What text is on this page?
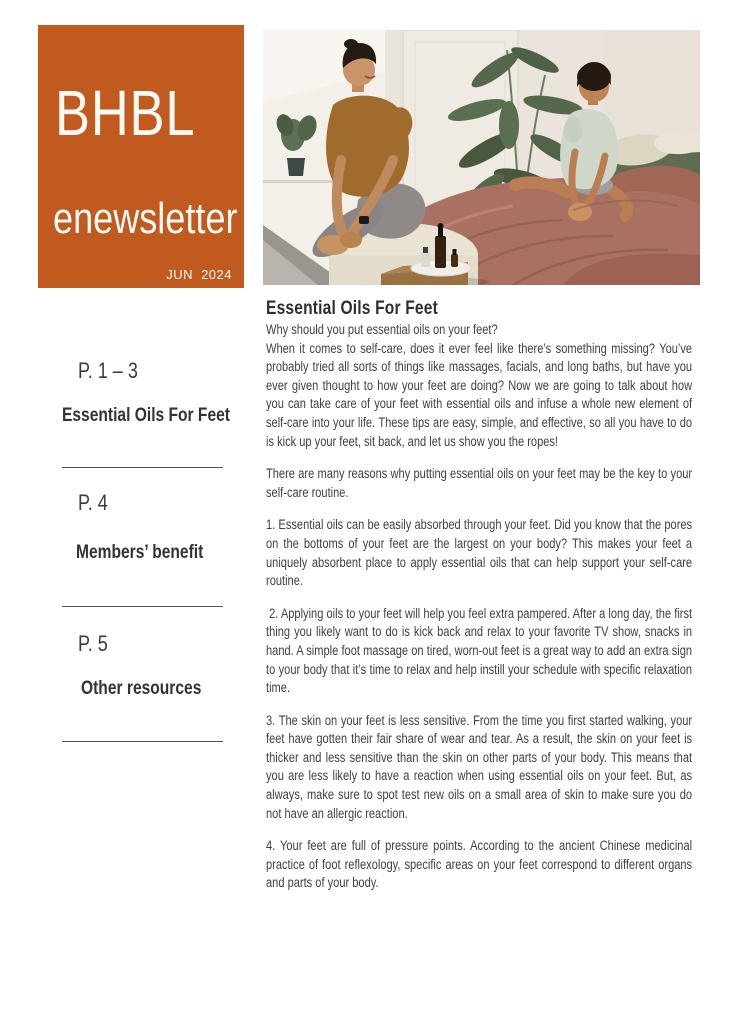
BHBL
enewsletter
JUN 2024
P. 1 – 3
Essential Oils For Feet
P. 4
Members’ benefit
P. 5
Other resources
Essential Oils For Feet

Why should you put essential oils on your feet?

When it comes to self-care, does it ever feel like there’s something missing? You’ve probably tried all sorts of things like massages, facials, and long baths, but have you ever given thought to how your feet are doing? Now we are going to talk about how you can take care of your feet with essential oils and infuse a whole new element of self-care into your life. These tips are easy, simple, and effective, so all you have to do is kick up your feet, sit back, and let us show you the ropes!

There are many reasons why putting essential oils on your feet may be the key to your self-care routine.

1. Essential oils can be easily absorbed through your feet. Did you know that the pores on the bottoms of your feet are the largest on your body? This makes your feet a uniquely absorbent place to apply essential oils that can help support your self-care routine.

2. Applying oils to your feet will help you feel extra pampered. After a long day, the first thing you likely want to do is kick back and relax to your favorite TV show, snacks in hand. A simple foot massage on tired, worn-out feet is a great way to add an extra sign to your body that it’s time to relax and help instill your schedule with specific relaxation time.

3. The skin on your feet is less sensitive. From the time you first started walking, your feet have gotten their fair share of wear and tear. As a result, the skin on your feet is thicker and less sensitive than the skin on other parts of your body. This means that you are less likely to have a reaction when using essential oils on your feet. But, as always, make sure to spot test new oils on a small area of skin to make sure you do not have an allergic reaction.

4. Your feet are full of pressure points. According to the ancient Chinese medicinal practice of foot reflexology, specific areas on your feet correspond to different organs and parts of your body.
